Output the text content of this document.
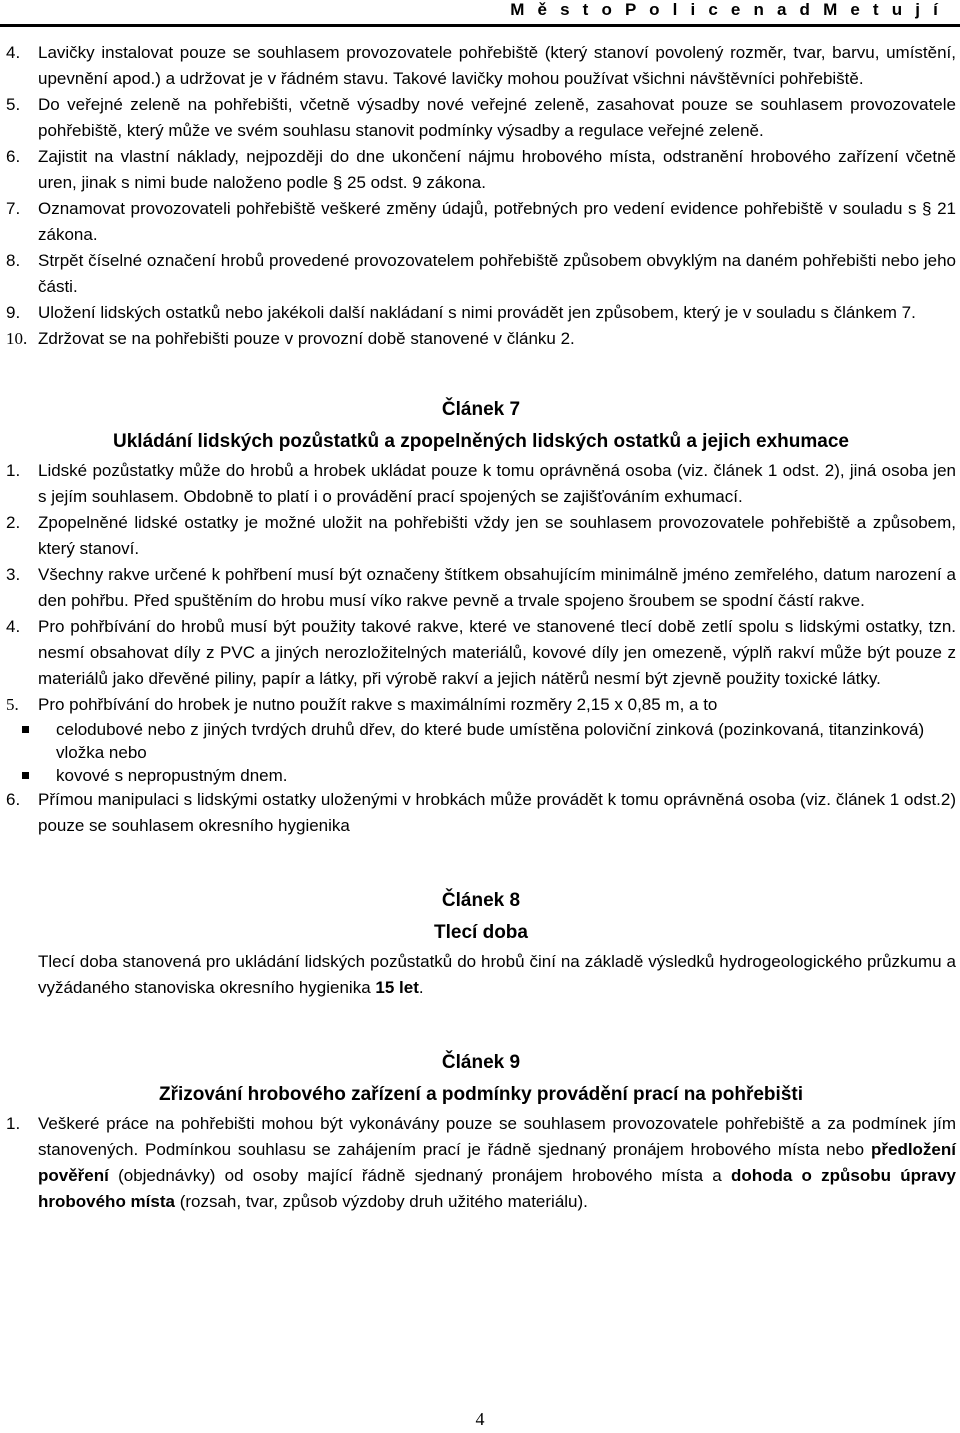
M ě s t o P o l i c e n a d M e t u j í
4. Lavičky instalovat pouze se souhlasem provozovatele pohřebiště (který stanoví povolený rozměr, tvar, barvu, umístění, upevnění apod.) a udržovat je v řádném stavu. Takové lavičky mohou používat všichni návštěvníci pohřebiště.

5. Do veřejné zeleně na pohřebišti, včetně výsadby nové veřejné zeleně, zasahovat pouze se souhlasem provozovatele pohřebiště, který může ve svém souhlasu stanovit podmínky výsadby a regulace veřejné zeleně.

6. Zajistit na vlastní náklady, nejpozději do dne ukončení nájmu hrobového místa, odstranění hrobového zařízení včetně uren, jinak s nimi bude naloženo podle § 25 odst. 9 zákona.

7. Oznamovat provozovateli pohřebiště veškeré změny údajů, potřebných pro vedení evidence pohřebiště v souladu s § 21 zákona.

8. Strpět číselné označení hrobů provedené provozovatelem pohřebiště způsobem obvyklým na daném pohřebišti nebo jeho části.

9. Uložení lidských ostatků nebo jakékoli další nakládaní s nimi provádět jen způsobem, který je v souladu s článkem 7.

10. Zdržovat se na pohřebišti pouze v provozní době stanovené v článku 2.

Článek 7
Ukládání lidských pozůstatků a zpopelněných lidských ostatků a jejich exhumace
1. Lidské pozůstatky může do hrobů a hrobek ukládat pouze k tomu oprávněná osoba (viz. článek 1 odst. 2), jiná osoba jen s jejím souhlasem. Obdobně to platí i o provádění prací spojených se zajišťováním exhumací.

2. Zpopelněné lidské ostatky je možné uložit na pohřebišti vždy jen se souhlasem provozovatele pohřebiště a způsobem, který stanoví.

3. Všechny rakve určené k pohřbení musí být označeny štítkem obsahujícím minimálně jméno zemřelého, datum narození a den pohřbu. Před spuštěním do hrobu musí víko rakve pevně a trvale spojeno šroubem se spodní částí rakve.

4. Pro pohřbívání do hrobů musí být použity takové rakve, které ve stanovené tlecí době zetlí spolu s lidskými ostatky, tzn. nesmí obsahovat díly z PVC a jiných nerozložitelných materiálů, kovové díly jen omezeně, výplň rakví může být pouze z materiálů jako dřevěné piliny, papír a látky, při výrobě rakví a jejich nátěrů nesmí být zjevně použity toxické látky.

5. Pro pohřbívání do hrobek je nutno použít rakve s maximálními rozměry 2,15 x 0,85 m, a to

celodubové nebo z jiných tvrdých druhů dřev, do které bude umístěna poloviční zinková (pozinkovaná, titanzinková) vložka nebo
kovové s nepropustným dnem.
6. Přímou manipulaci s lidskými ostatky uloženými v hrobkách může provádět k tomu oprávněná osoba (viz. článek 1 odst.2) pouze se souhlasem okresního hygienika

Článek 8
Tlecí doba

Tlecí doba stanovená pro ukládání lidských pozůstatků do hrobů činí na základě výsledků hydrogeologického průzkumu a vyžádaného stanoviska okresního hygienika 15 let.

Článek 9
Zřizování hrobového zařízení a podmínky provádění prací na pohřebišti
1. Veškeré práce na pohřebišti mohou být vykonávány pouze se souhlasem provozovatele pohřebiště a za podmínek jím stanovených. Podmínkou souhlasu se zahájením prací je řádně sjednaný pronájem hrobového místa nebo předložení pověření (objednávky) od osoby mající řádně sjednaný pronájem hrobového místa a dohoda o způsobu úpravy hrobového místa (rozsah, tvar, způsob výzdoby druh užitého materiálu).

4
